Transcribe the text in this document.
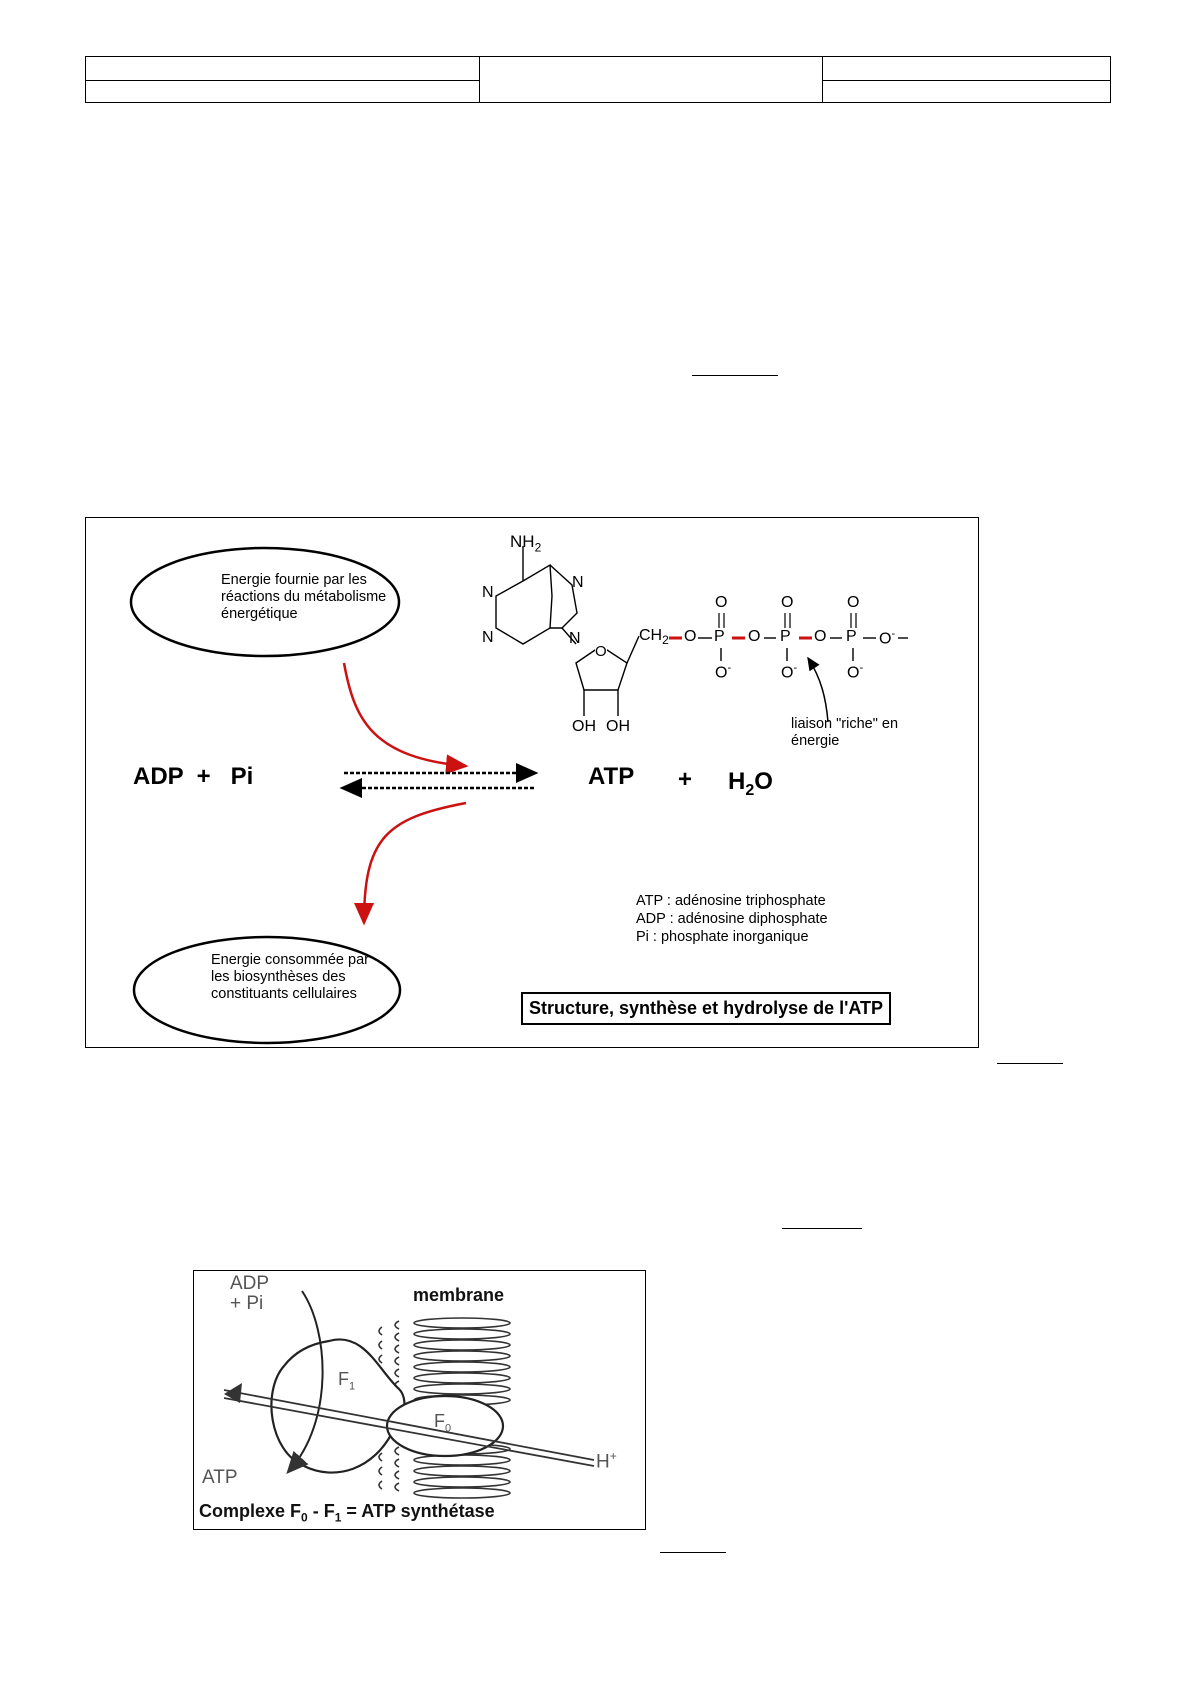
Energie fournie par les réactions du métabolisme énergétique
Energie consommée par les biosynthèses des constituants cellulaires
ADP  +   Pi	ATP + $H_2O$
$NH_2$
N
N
N
N
O
$CH_2$
OH OH
O P O P O P O-
O	O	O
O-	O-	O-
liaison "riche" en énergie
ATP : adénosine triphosphate
ADP : adénosine diphosphate
Pi : phosphate inorganique
Structure, synthèse et hydrolyse de l'ATP
ADP
+ Pi	membrane
$F_1$
$F_0$
ATP
H+
Complexe $F_0 - F_1$ = ATP synthétase
